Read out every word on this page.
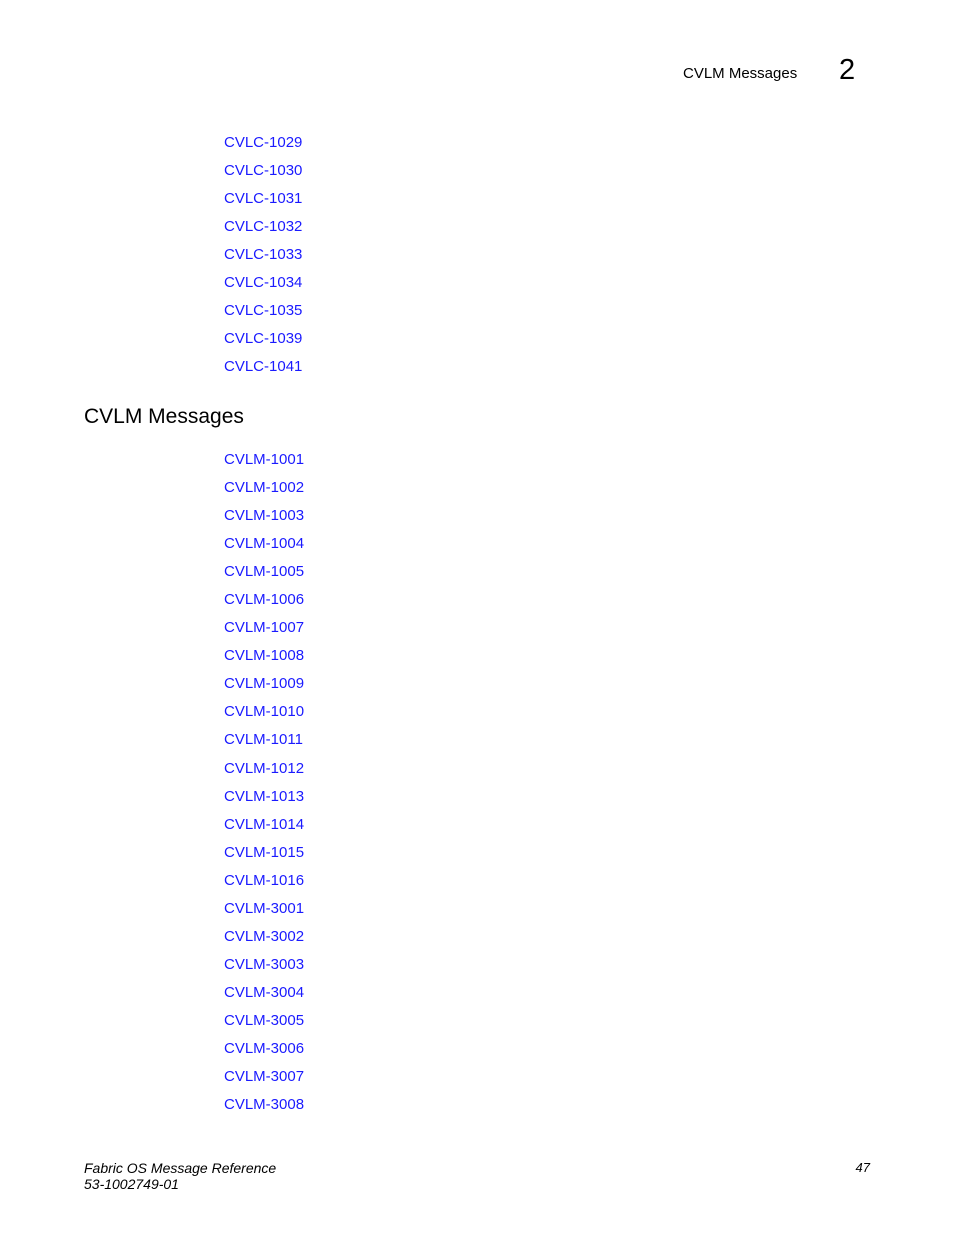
CVLM Messages 2
CVLC-1029
CVLC-1030
CVLC-1031
CVLC-1032
CVLC-1033
CVLC-1034
CVLC-1035
CVLC-1039
CVLC-1041
CVLM Messages
CVLM-1001
CVLM-1002
CVLM-1003
CVLM-1004
CVLM-1005
CVLM-1006
CVLM-1007
CVLM-1008
CVLM-1009
CVLM-1010
CVLM-1011
CVLM-1012
CVLM-1013
CVLM-1014
CVLM-1015
CVLM-1016
CVLM-3001
CVLM-3002
CVLM-3003
CVLM-3004
CVLM-3005
CVLM-3006
CVLM-3007
CVLM-3008
Fabric OS Message Reference
53-1002749-01
47
